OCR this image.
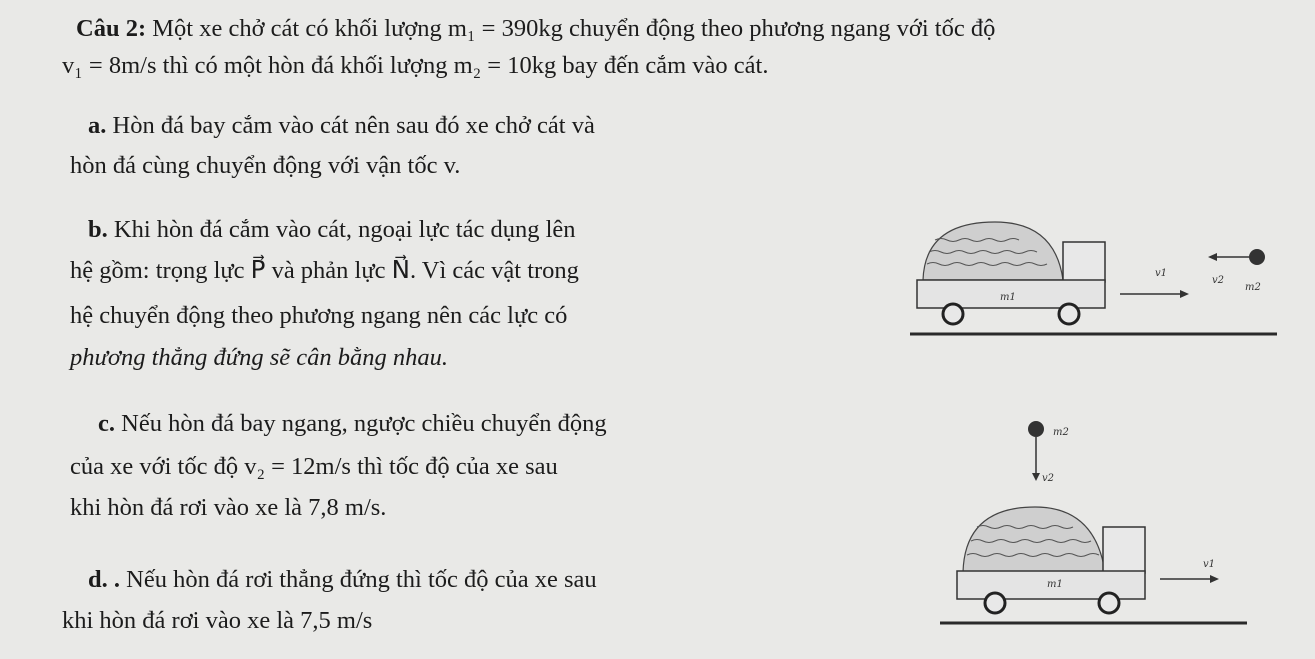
Câu 2: Một xe chở cát có khối lượng m₁ = 390kg chuyển động theo phương ngang với tốc độ
v₁ = 8m/s thì có một hòn đá khối lượng m₂ = 10kg bay đến cắm vào cát.
a. Hòn đá bay cắm vào cát nên sau đó xe chở cát và
hòn đá cùng chuyển động với vận tốc v.
b. Khi hòn đá cắm vào cát, ngoại lực tác dụng lên
hệ gồm: trọng lực P⃗ và phản lực N⃗. Vì các vật trong
hệ chuyển động theo phương ngang nên các lực có
phương thẳng đứng sẽ cân bằng nhau.
c. Nếu hòn đá bay ngang, ngược chiều chuyển động
của xe với tốc độ v₂ = 12m/s thì tốc độ của xe sau
khi hòn đá rơi vào xe là 7,8 m/s.
d. . Nếu hòn đá rơi thẳng đứng thì tốc độ của xe sau
khi hòn đá rơi vào xe là 7,5 m/s
m1
v1
v2
m2
m2
v2
m1
v1
